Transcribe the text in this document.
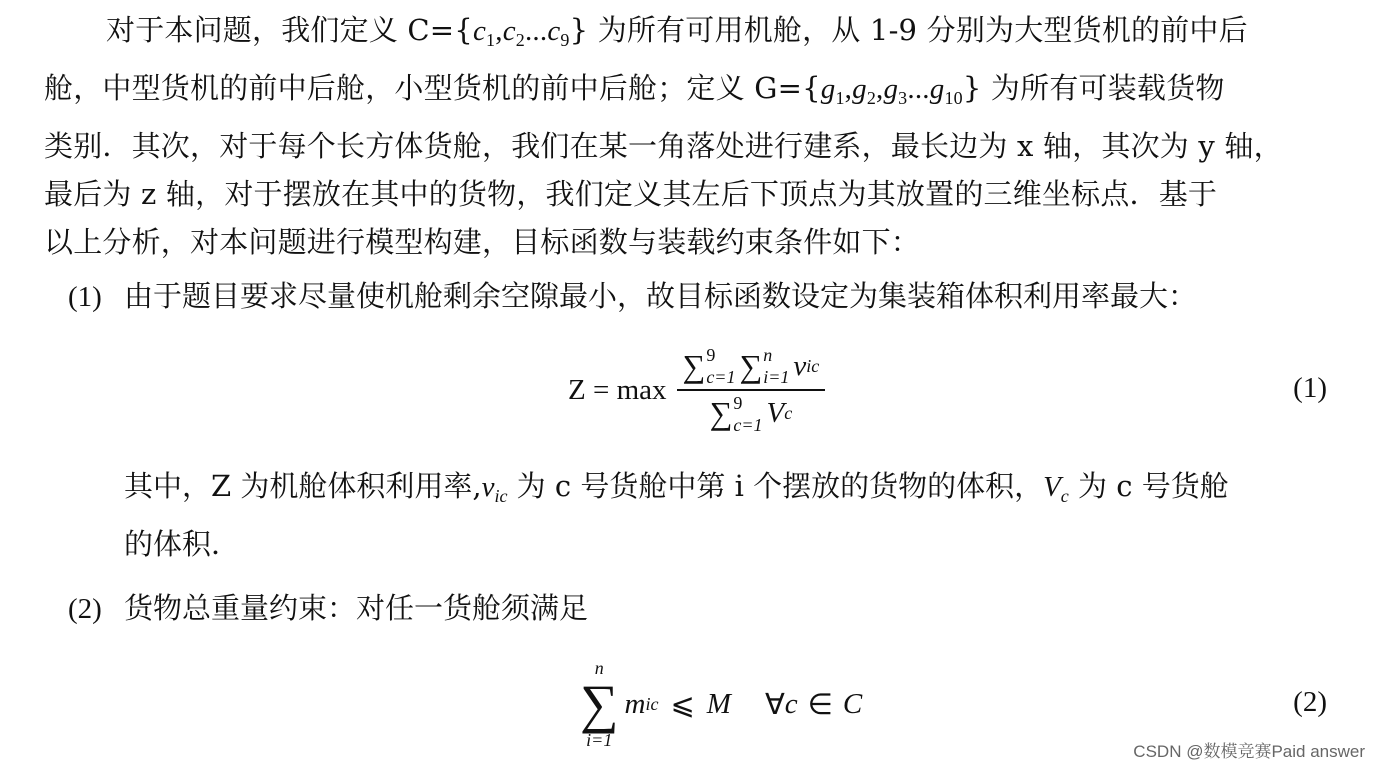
对于本问题，我们定义 $C=\{c_1,c_2...c_9\}$ 为所有可用机舱，从 1-9 分别为大型货机的前中后
舱，中型货机的前中后舱，小型货机的前中后舱；定义 $G=\{g_1,g_2,g_3...g_{10}\}$ 为所有可装载货物
类别．其次，对于每个长方体货舱，我们在某一角落处进行建系，最长边为 x 轴，其次为 y 轴，
最后为 z 轴，对于摆放在其中的货物，我们定义其左后下顶点为其放置的三维坐标点．基于
以上分析，对本问题进行模型构建，目标函数与装载约束条件如下：
(1) 由于题目要求尽量使机舱剩余空隙最小，故目标函数设定为集装箱体积利用率最大：
Z = max ∑ 9
c=1 ∑ n
i=1 v ic
∑ 9
c=1 V c	(1)
其中，Z 为机舱体积利用率$,v_{ic}$ 为 c 号货舱中第 i 个摆放的货物的体积，$V_c$ 为 c 号货舱
的体积．
(2) 货物总重量约束：对任一货舱须满足
n
∑
i=1
m ic ⩽ M ∀ c ∈ C	(2)
CSDN @数模竞赛Paid answer
